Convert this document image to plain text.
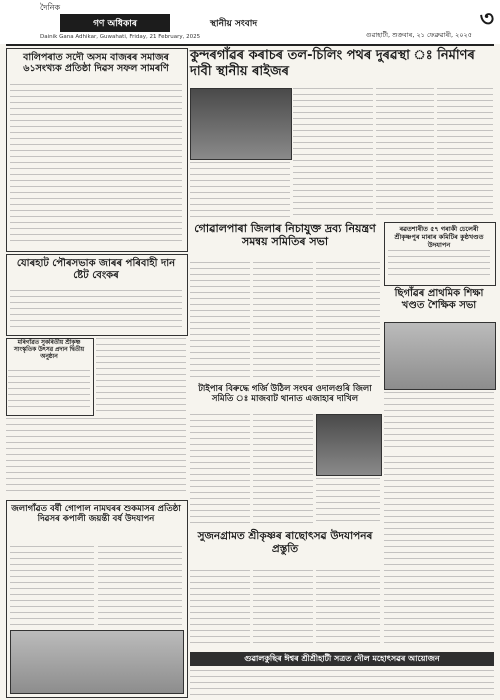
দৈনিক
গণ অধিকাৰ
Dainik Gana Adhikar, Guwahati, Friday, 21 February, 2025
স্থানীয় সংবাদ
গুৱাহাটী, শুক্রবাৰ, ২১ ফেব্ৰুৱাৰী, ২০২৫
৩
বালিপৰাত সদৌ অসম বাজৰৰ সমাজৰ ৬১সংখ্যক প্ৰতিষ্ঠা দিৱস সফল সামৰণি
কুন্দৰগাঁৱৰ কৰাচৰ তল-চিলিং পথৰ দুৰৱস্থা ঃ নিৰ্মাণৰ দাবী স্থানীয় ৰাইজৰ
যোৰহাট পৌৰসভাক জাৰৰ পৰিবাহী দান ষ্টেট বেংকৰ
গোৱালপাৰা জিলাৰ নিচাযুক্ত দ্ৰব্য নিয়ন্ত্ৰণ সমন্বয় সমিতিৰ সভা
ৰৱতশাৰীত ৫৭ গৰাকী চেলেৰী শ্ৰীকৃষ্ণপুৰ মাৰাৰ কমিটিৰ কুষ্ঠখণ্ডত উদযাপন
মৰিগাঁৱত সুকৰিতীয় শ্ৰীকৃষ্ণ সাংস্কৃতিক উৎসৱ প্ৰদান দ্বিতীয় অনুষ্ঠান
ছিগাঁৱৰ প্ৰাথমিক শিক্ষা খণ্ডত শৈক্ষিক সভা
টাইপাৰ বিৰুদ্ধে গৰ্জি উঠিল সংঘৰ ওদালগুৰি জিলা সমিতি ঃ মাজবাট থানাত এজাহাৰ দাখিল
জলাগাঁৱত বৰ্ষী গোপাল নামঘৰৰ শুকমাসৰ প্ৰতিষ্ঠা দিৱসৰ কপালী জয়ন্তী বৰ্ষ উদযাপন
সুজনগ্ৰামত শ্ৰীকৃষ্ণৰ ৰাছোৎসৱ উদযাপনৰ প্ৰস্তুতি
গুৱালকুছিৰ ঈশ্বৰ শ্ৰীশ্ৰীহাটী সত্ৰত দৌল মহোৎসৱৰ আয়োজন
